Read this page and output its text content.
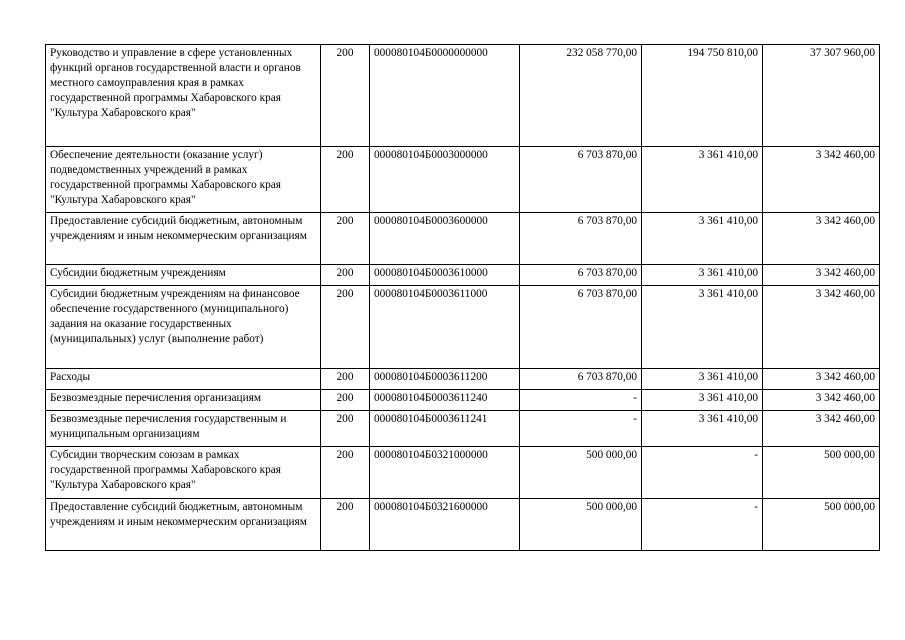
Руководство и управление в сфере установленных функций органов государственной власти и органов местного самоуправления края в рамках государственной программы Хабаровского края "Культура Хабаровского края"	200	000080104Б0000000000	232 058 770,00	194 750 810,00	37 307 960,00
Обеспечение деятельности (оказание услуг) подведомственных учреждений в рамках государственной программы Хабаровского края "Культура Хабаровского края"	200	000080104Б0003000000	6 703 870,00	3 361 410,00	3 342 460,00
Предоставление субсидий бюджетным, автономным учреждениям и иным некоммерческим организациям	200	000080104Б0003600000	6 703 870,00	3 361 410,00	3 342 460,00
Субсидии бюджетным учреждениям	200	000080104Б0003610000	6 703 870,00	3 361 410,00	3 342 460,00
Субсидии бюджетным учреждениям на финансовое обеспечение государственного (муниципального) задания на оказание государственных (муниципальных) услуг (выполнение работ)	200	000080104Б0003611000	6 703 870,00	3 361 410,00	3 342 460,00
Расходы	200	000080104Б0003611200	6 703 870,00	3 361 410,00	3 342 460,00
Безвозмездные перечисления организациям	200	000080104Б0003611240	-	3 361 410,00	3 342 460,00
Безвозмездные перечисления государственным и муниципальным организациям	200	000080104Б0003611241	-	3 361 410,00	3 342 460,00
Субсидии творческим союзам в рамках государственной программы Хабаровского края "Культура Хабаровского края"	200	000080104Б0321000000	500 000,00	-	500 000,00
Предоставление субсидий бюджетным, автономным учреждениям и иным некоммерческим организациям	200	000080104Б0321600000	500 000,00	-	500 000,00
